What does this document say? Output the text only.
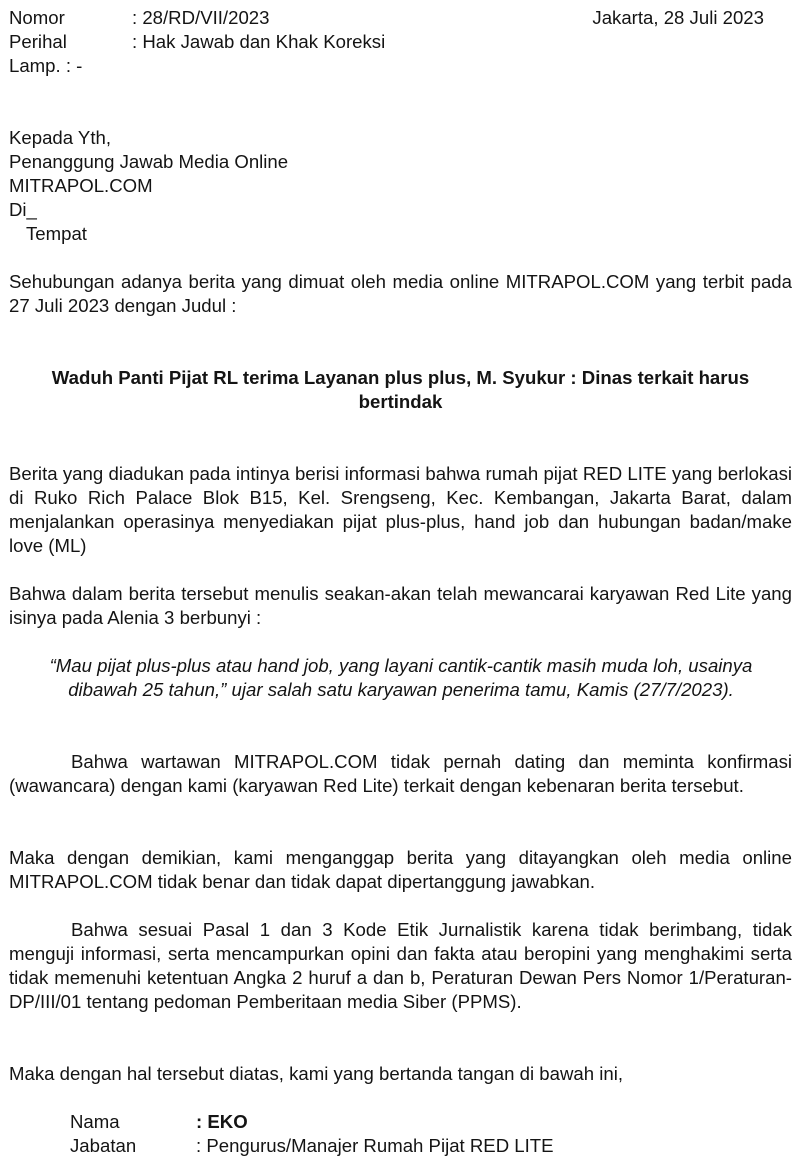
Nomor	: 28/RD/VII/2023	Jakarta, 28 Juli 2023
Perihal	: Hak Jawab dan Khak Koreksi
Lamp. : -
Kepada Yth,
Penanggung Jawab Media Online
MITRAPOL.COM
Di_
Tempat
Sehubungan adanya berita yang dimuat oleh media online MITRAPOL.COM yang terbit pada 27 Juli 2023 dengan Judul :
Waduh Panti Pijat RL terima Layanan plus plus, M. Syukur : Dinas terkait harus bertindak
Berita yang diadukan pada intinya berisi informasi bahwa rumah pijat RED LITE yang berlokasi di Ruko Rich Palace Blok B15, Kel. Srengseng, Kec. Kembangan, Jakarta Barat, dalam menjalankan operasinya menyediakan pijat plus-plus, hand job dan hubungan badan/make love (ML)
Bahwa dalam berita tersebut menulis seakan-akan telah mewancarai karyawan Red Lite yang isinya pada Alenia 3 berbunyi :
“Mau pijat plus-plus atau hand job, yang layani cantik-cantik masih muda loh, usainya dibawah 25 tahun,” ujar salah satu karyawan penerima tamu, Kamis (27/7/2023).
Bahwa wartawan MITRAPOL.COM tidak pernah dating dan meminta konfirmasi (wawancara) dengan kami (karyawan Red Lite) terkait dengan kebenaran berita tersebut.
Maka dengan demikian, kami menganggap berita yang ditayangkan oleh media online MITRAPOL.COM tidak benar dan tidak dapat dipertanggung jawabkan.
Bahwa sesuai Pasal 1 dan 3 Kode Etik Jurnalistik karena tidak berimbang, tidak menguji informasi, serta mencampurkan opini dan fakta atau beropini yang menghakimi serta tidak memenuhi ketentuan Angka 2 huruf a dan b, Peraturan Dewan Pers Nomor 1/Peraturan-DP/III/01 tentang pedoman Pemberitaan media Siber (PPMS).
Maka dengan hal tersebut diatas, kami yang bertanda tangan di bawah ini,
Nama	: EKO
Jabatan	: Pengurus/Manajer Rumah Pijat RED LITE
